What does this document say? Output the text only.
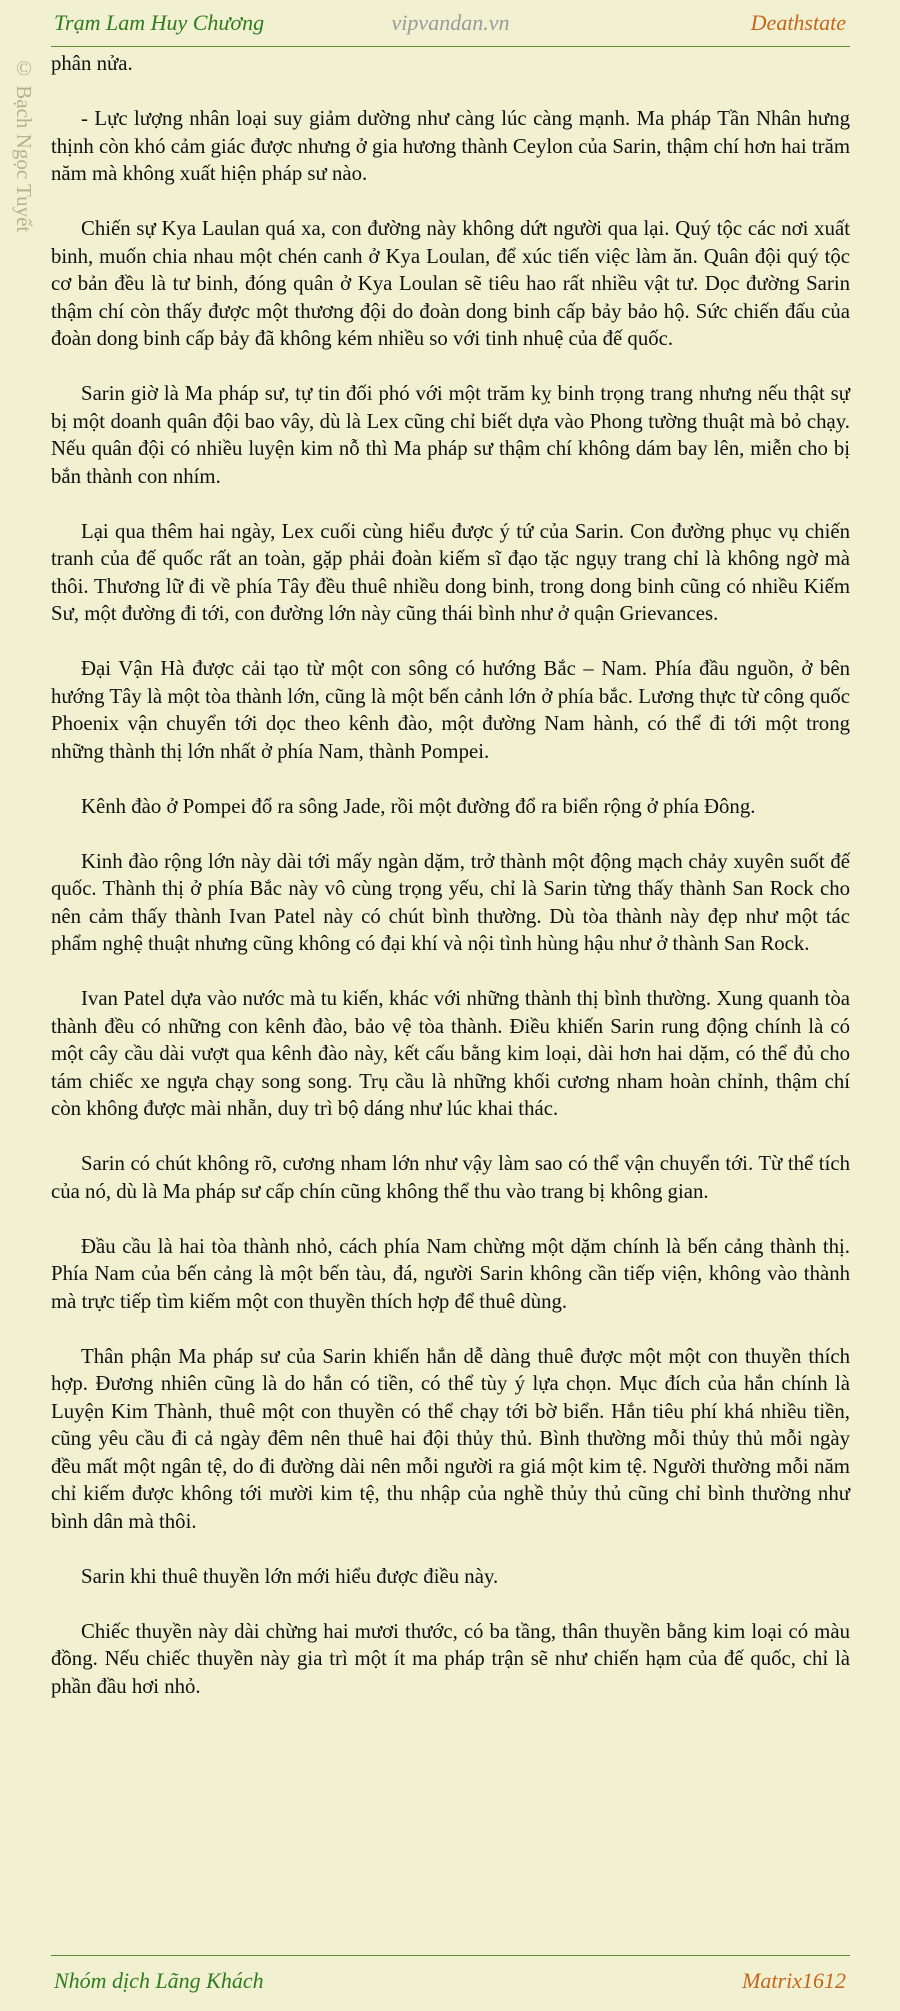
Trạm Lam Huy Chương	vipvandan.vn	Deathstate
© Bạch Ngọc Tuyết phân nửa.

- Lực lượng nhân loại suy giảm dường như càng lúc càng mạnh. Ma pháp Tần Nhân hưng thịnh còn khó cảm giác được nhưng ở gia hương thành Ceylon của Sarin, thậm chí hơn hai trăm năm mà không xuất hiện pháp sư nào.

Chiến sự Kya Laulan quá xa, con đường này không dứt người qua lại. Quý tộc các nơi xuất binh, muốn chia nhau một chén canh ở Kya Loulan, để xúc tiến việc làm ăn. Quân đội quý tộc cơ bản đều là tư binh, đóng quân ở Kya Loulan sẽ tiêu hao rất nhiều vật tư. Dọc đường Sarin thậm chí còn thấy được một thương đội do đoàn dong binh cấp bảy bảo hộ. Sức chiến đấu của đoàn dong binh cấp bảy đã không kém nhiều so với tinh nhuệ của đế quốc.

Sarin giờ là Ma pháp sư, tự tin đối phó với một trăm kỵ binh trọng trang nhưng nếu thật sự bị một doanh quân đội bao vây, dù là Lex cũng chỉ biết dựa vào Phong tường thuật mà bỏ chạy. Nếu quân đội có nhiều luyện kim nỗ thì Ma pháp sư thậm chí không dám bay lên, miễn cho bị bắn thành con nhím.

Lại qua thêm hai ngày, Lex cuối cùng hiểu được ý tứ của Sarin. Con đường phục vụ chiến tranh của đế quốc rất an toàn, gặp phải đoàn kiếm sĩ đạo tặc ngụy trang chỉ là không ngờ mà thôi. Thương lữ đi về phía Tây đều thuê nhiều dong binh, trong dong binh cũng có nhiều Kiếm Sư, một đường đi tới, con đường lớn này cũng thái bình như ở quận Grievances.

Đại Vận Hà được cải tạo từ một con sông có hướng Bắc – Nam. Phía đầu nguồn, ở bên hướng Tây là một tòa thành lớn, cũng là một bến cảnh lớn ở phía bắc. Lương thực từ công quốc Phoenix vận chuyển tới dọc theo kênh đào, một đường Nam hành, có thể đi tới một trong những thành thị lớn nhất ở phía Nam, thành Pompei.

Kênh đào ở Pompei đổ ra sông Jade, rồi một đường đổ ra biển rộng ở phía Đông.

Kinh đào rộng lớn này dài tới mấy ngàn dặm, trở thành một động mạch chảy xuyên suốt đế quốc. Thành thị ở phía Bắc này vô cùng trọng yếu, chỉ là Sarin từng thấy thành San Rock cho nên cảm thấy thành Ivan Patel này có chút bình thường. Dù tòa thành này đẹp như một tác phẩm nghệ thuật nhưng cũng không có đại khí và nội tình hùng hậu như ở thành San Rock.

Ivan Patel dựa vào nước mà tu kiến, khác với những thành thị bình thường. Xung quanh tòa thành đều có những con kênh đào, bảo vệ tòa thành. Điều khiến Sarin rung động chính là có một cây cầu dài vượt qua kênh đào này, kết cấu bằng kim loại, dài hơn hai dặm, có thể đủ cho tám chiếc xe ngựa chạy song song. Trụ cầu là những khối cương nham hoàn chỉnh, thậm chí còn không được mài nhẵn, duy trì bộ dáng như lúc khai thác.

Sarin có chút không rõ, cương nham lớn như vậy làm sao có thể vận chuyển tới. Từ thể tích của nó, dù là Ma pháp sư cấp chín cũng không thể thu vào trang bị không gian.

Đầu cầu là hai tòa thành nhỏ, cách phía Nam chừng một dặm chính là bến cảng thành thị. Phía Nam của bến cảng là một bến tàu, đá, người Sarin không cần tiếp viện, không vào thành mà trực tiếp tìm kiếm một con thuyền thích hợp để thuê dùng.

Thân phận Ma pháp sư của Sarin khiến hắn dễ dàng thuê được một một con thuyền thích hợp. Đương nhiên cũng là do hắn có tiền, có thể tùy ý lựa chọn. Mục đích của hắn chính là Luyện Kim Thành, thuê một con thuyền có thể chạy tới bờ biển. Hắn tiêu phí khá nhiều tiền, cũng yêu cầu đi cả ngày đêm nên thuê hai đội thủy thủ. Bình thường mỗi thủy thủ mỗi ngày đều mất một ngân tệ, do đi đường dài nên mỗi người ra giá một kim tệ. Người thường mỗi năm chỉ kiếm được không tới mười kim tệ, thu nhập của nghề thủy thủ cũng chỉ bình thường như bình dân mà thôi.

Sarin khi thuê thuyền lớn mới hiểu được điều này.

Chiếc thuyền này dài chừng hai mươi thước, có ba tầng, thân thuyền bằng kim loại có màu đồng. Nếu chiếc thuyền này gia trì một ít ma pháp trận sẽ như chiến hạm của đế quốc, chỉ là phần đầu hơi nhỏ.

Nhóm dịch Lãng Khách	Matrix1612
